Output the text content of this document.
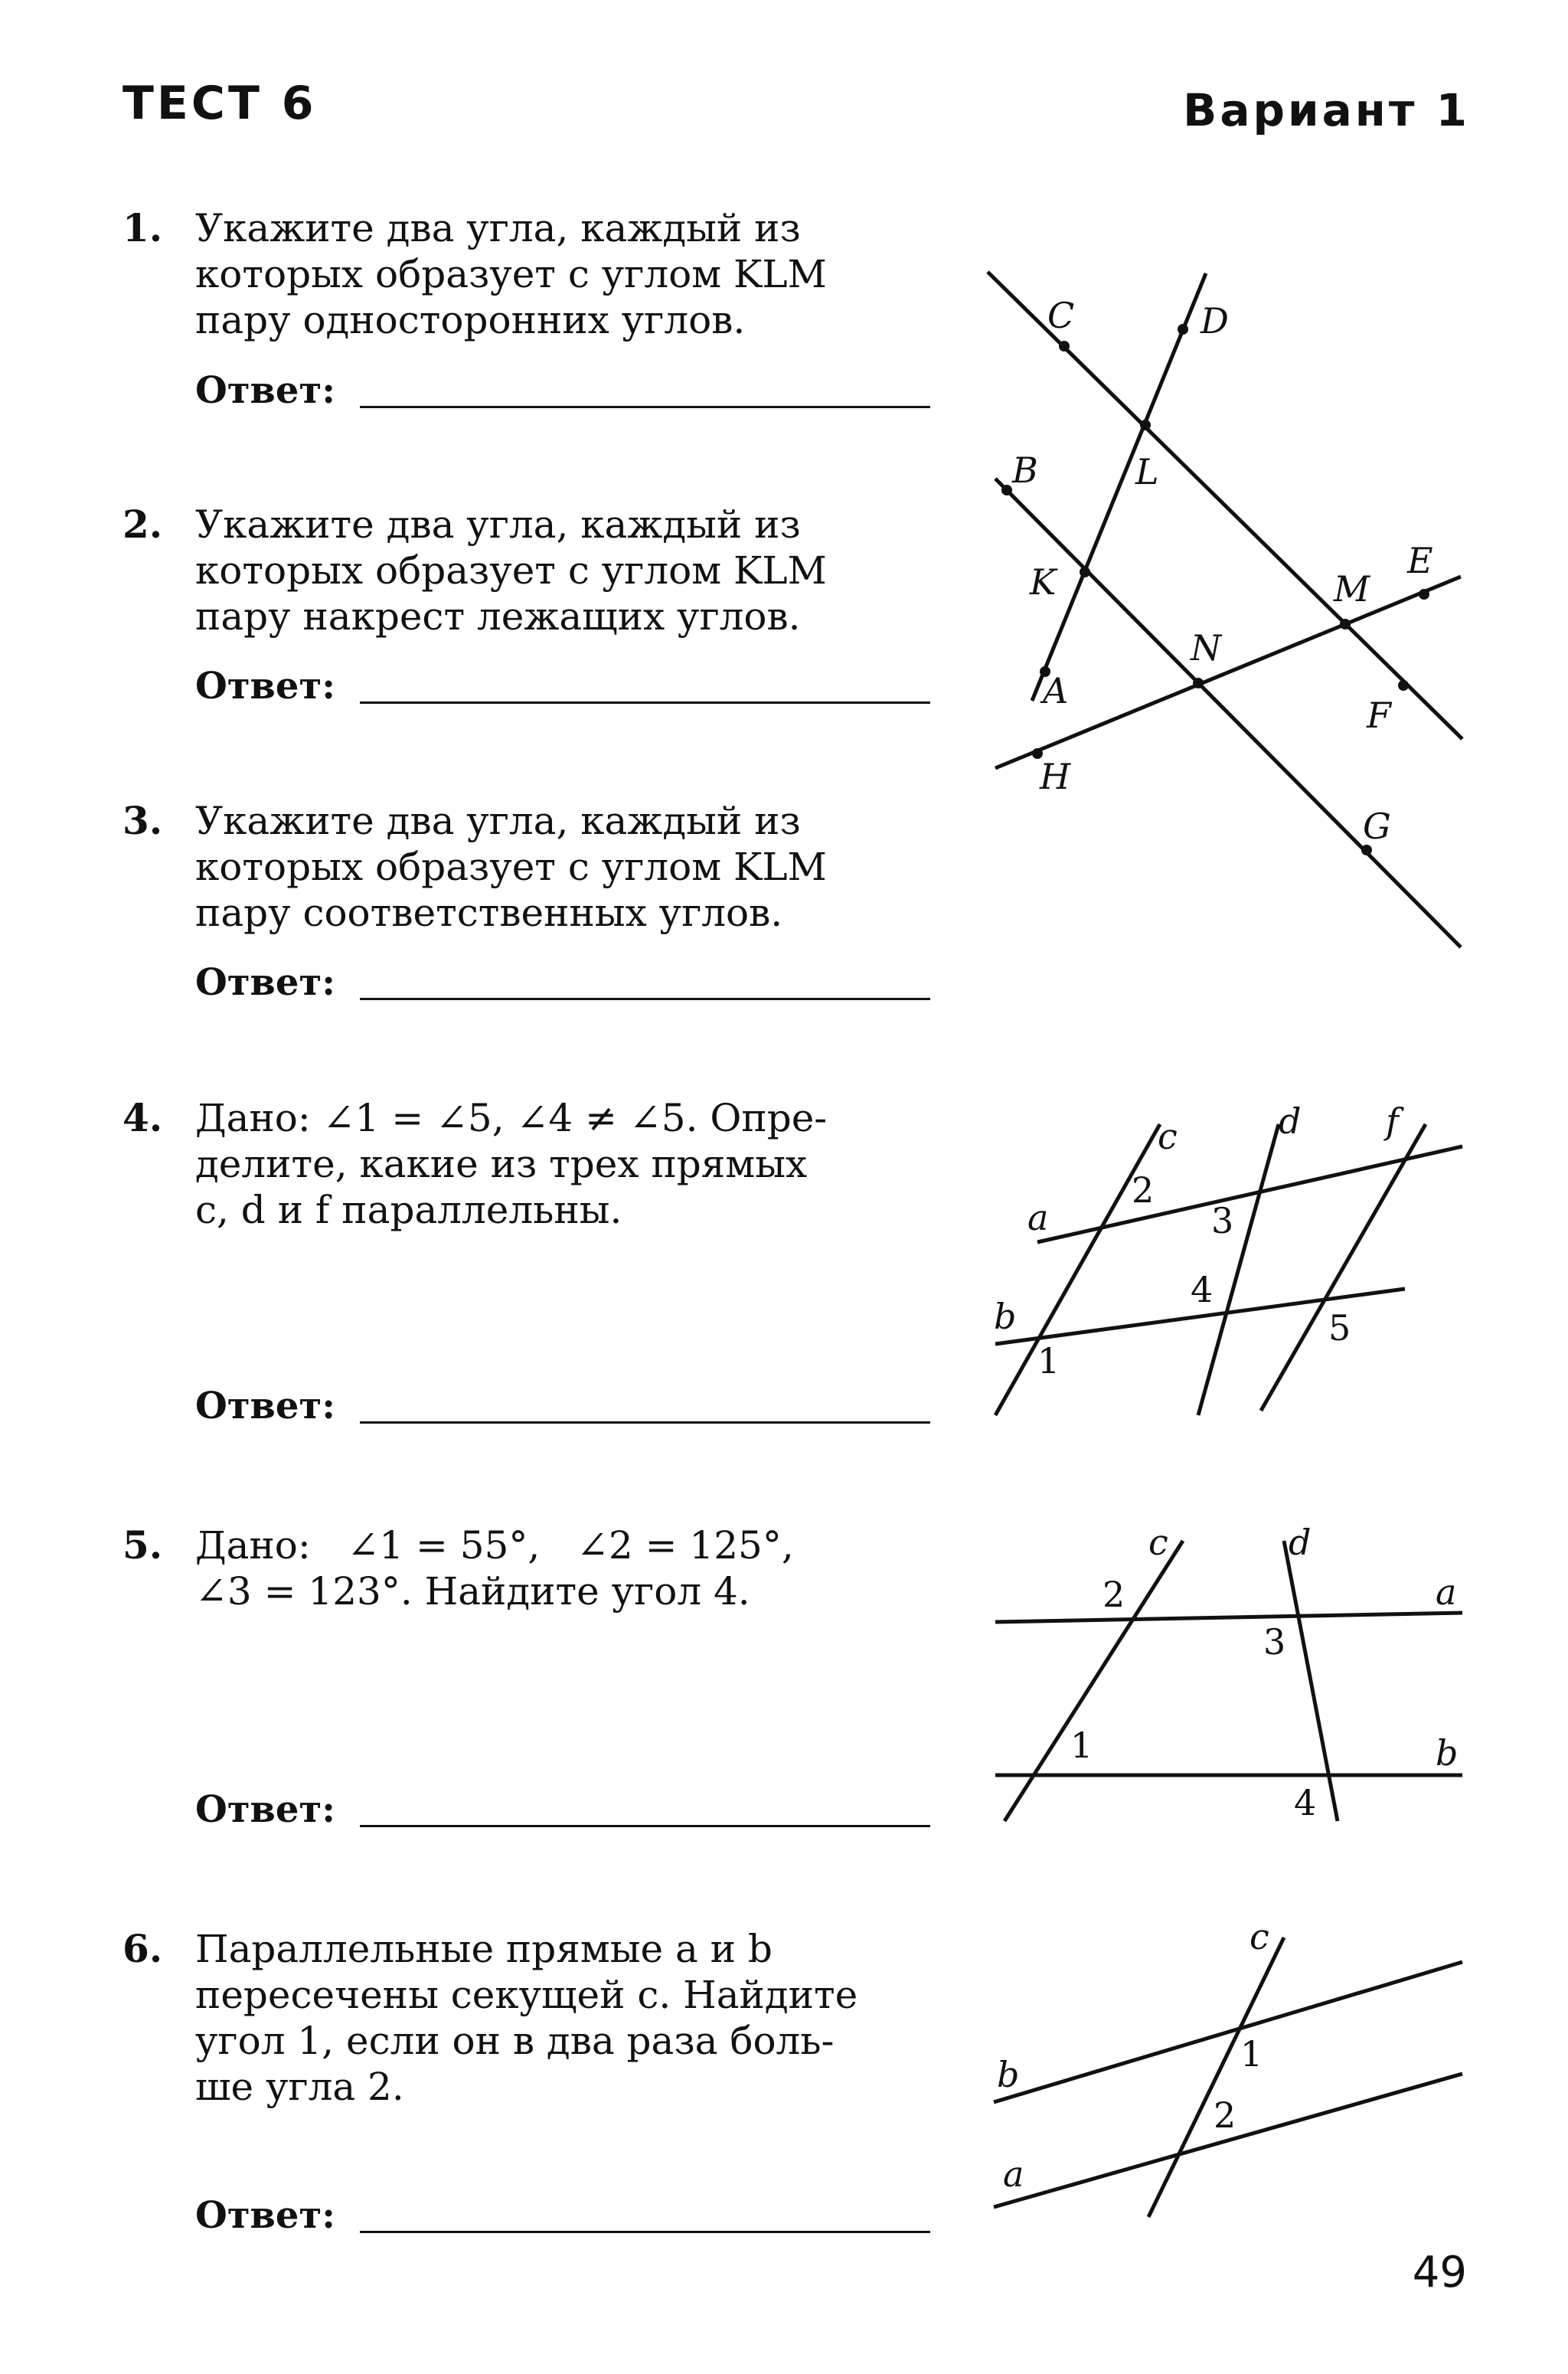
ТЕСТ 6	Вариант 1
1. Укажите два угла, каждый из
которых образует с углом KLM
пару односторонних углов.
Ответ:
2. Укажите два угла, каждый из
которых образует с углом KLM
пару накрест лежащих углов.
Ответ:
3. Укажите два угла, каждый из
которых образует с углом KLM
пару соответственных углов.
Ответ:
4. Дано: ∠1 = ∠5, ∠4 ≠ ∠5. Опре-
делите, какие из трех прямых
c, d и f параллельны.
Ответ:
5. Дано:   ∠1 = 55°,   ∠2 = 125°,
∠3 = 123°. Найдите угол 4.
Ответ:
6. Параллельные прямые a и b
пересечены секущей c. Найдите
угол 1, если он в два раза боль-
ше угла 2.
Ответ:
C	D
B	L
K	M
E
N
A
F
H
G
c	d f
a
b
2
3
4
5
1
c	d
a
b
2
3
1
4
c
b
a
1
2
49
